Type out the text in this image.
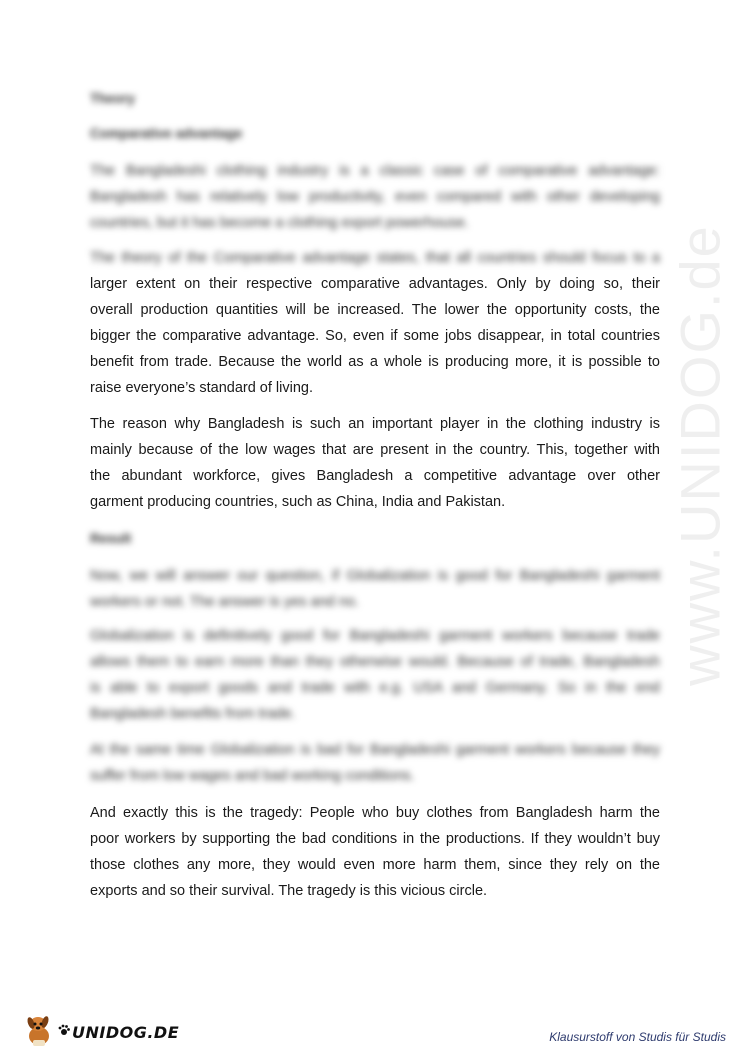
www.UNIDOG.de
Theory
Comparative advantage
The Bangladeshi clothing industry is a classic case of comparative advantage:
Bangladesh has relatively low productivity, even compared with other developing
countries, but it has become a clothing export powerhouse.
The theory of the Comparative advantage states, that all countries should focus to a
larger extent on their respective comparative advantages. Only by doing so, their
overall production quantities will be increased. The lower the opportunity costs, the
bigger the comparative advantage. So, even if some jobs disappear, in total countries
benefit from trade. Because the world as a whole is producing more, it is possible to
raise everyone’s standard of living.
The reason why Bangladesh is such an important player in the clothing industry is
mainly because of the low wages that are present in the country. This, together with
the abundant workforce, gives Bangladesh a competitive advantage over other
garment producing countries, such as China, India and Pakistan.
Result
Now, we will answer our question, if Globalization is good for Bangladeshi garment
workers or not. The answer is yes and no.
Globalization is definitively good for Bangladeshi garment workers because trade
allows them to earn more than they otherwise would. Because of trade, Bangladesh
is able to export goods and trade with e.g. USA and Germany. So in the end
Bangladesh benefits from trade.
At the same time Globalization is bad for Bangladeshi garment workers because they
suffer from low wages and bad working conditions.
And exactly this is the tragedy: People who buy clothes from Bangladesh harm the
poor workers by supporting the bad conditions in the productions. If they wouldn’t buy
those clothes any more, they would even more harm them, since they rely on the
exports and so their survival. The tragedy is this vicious circle.
UNIDOG.DE	Klausurstoff von Studis für Studis
